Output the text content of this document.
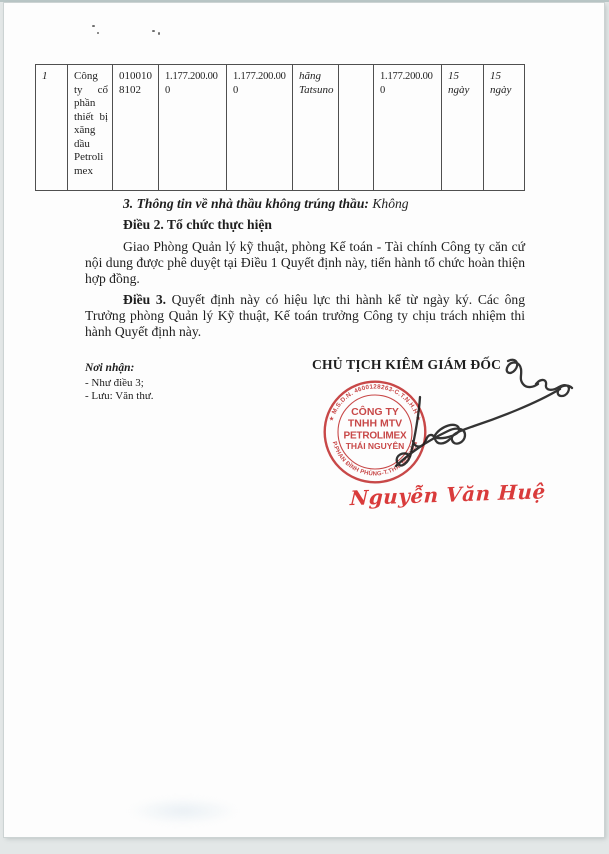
1	Công ty cổ phần thiết bị xăng dầu Petrolimex	010010 8102	1.177.200.000	1.177.200.000	hãng Tatsuno		1.177.200.000	15 ngày	15 ngày

3. Thông tin về nhà thầu không trúng thầu: Không

Điều 2. Tổ chức thực hiện

Giao Phòng Quản lý kỹ thuật, phòng Kế toán - Tài chính Công ty căn cứ nội dung được phê duyệt tại Điều 1 Quyết định này, tiến hành tổ chức hoàn thiện hợp đồng.

Điều 3. Quyết định này có hiệu lực thi hành kể từ ngày ký. Các ông Trưởng phòng Quản lý Kỹ thuật, Kế toán trưởng Công ty chịu trách nhiệm thi hành Quyết định này.

Nơi nhận:
- Như điều 3;
- Lưu: Văn thư.
CHỦ TỊCH KIÊM GIÁM ĐỐC
★ M.S.D.N. 4600128263-C.T.N.H.H ★
P.PHAN ĐÌNH PHÙNG-T.THÁI NGUYÊN
CÔNG TY
TNHH MTV
PETROLIMEX
THÁI NGUYÊN
Nguyễn Văn Huệ
